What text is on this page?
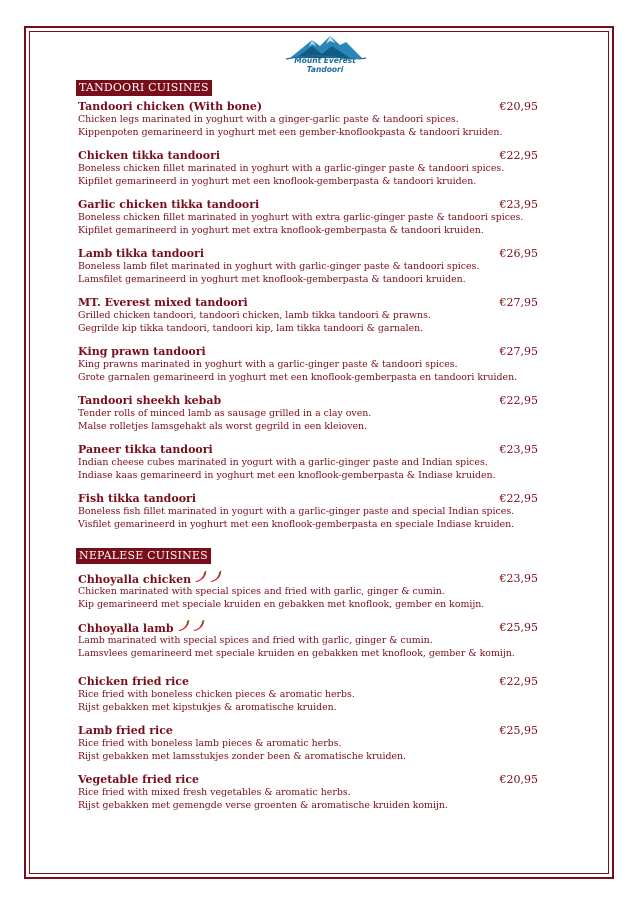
Mount Everest
Tandoori
TANDOORI CUISINES
Tandoori chicken (With bone)	€20,95
Chicken legs marinated in yoghurt with a ginger-garlic paste & tandoori spices.
Kippenpoten gemarineerd in yoghurt met een gember-knoflookpasta & tandoori kruiden.
Chicken tikka tandoori	€22,95
Boneless chicken fillet marinated in yoghurt with a garlic-ginger paste & tandoori spices.
Kipfilet gemarineerd in yoghurt met een knoflook-gemberpasta & tandoori kruiden.
Garlic chicken tikka tandoori	€23,95
Boneless chicken fillet marinated in yoghurt with extra garlic-ginger paste & tandoori spices.
Kipfilet gemarineerd in yoghurt met extra knoflook-gemberpasta & tandoori kruiden.
Lamb tikka tandoori	€26,95
Boneless lamb filet marinated in yoghurt with garlic-ginger paste & tandoori spices.
Lamsfilet gemarineerd in yoghurt met knoflook-gemberpasta & tandoori kruiden.
MT. Everest mixed tandoori	€27,95
Grilled chicken tandoori, tandoori chicken, lamb tikka tandoori & prawns.
Gegrilde kip tikka tandoori, tandoori kip, lam tikka tandoori & garnalen.
King prawn tandoori	€27,95
King prawns marinated in yoghurt with a garlic-ginger paste & tandoori spices.
Grote garnalen gemarineerd in yoghurt met een knoflook-gemberpasta en tandoori kruiden.
Tandoori sheekh kebab	€22,95
Tender rolls of minced lamb as sausage grilled in a clay oven.
Malse rolletjes lamsgehakt als worst gegrild in een kleioven.
Paneer tikka tandoori	€23,95
Indian cheese cubes marinated in yogurt with a garlic-ginger paste and Indian spices.
Indiase kaas gemarineerd in yoghurt met een knoflook-gemberpasta & Indiase kruiden.
Fish tikka tandoori	€22,95
Boneless fish fillet marinated in yogurt with a garlic-ginger paste and special Indian spices.
Visfilet gemarineerd in yoghurt met een knoflook-gemberpasta en speciale Indiase kruiden.
NEPALESE CUISINES
Chhoyalla chicken	€23,95
Chicken marinated with special spices and fried with garlic, ginger & cumin.
Kip gemarineerd met speciale kruiden en gebakken met knoflook, gember en komijn.
Chhoyalla lamb	€25,95
Lamb marinated with special spices and fried with garlic, ginger & cumin.
Lamsvlees gemarineerd met speciale kruiden en gebakken met knoflook, gember & komijn.
Chicken fried rice	€22,95
Rice fried with boneless chicken pieces & aromatic herbs.
Rijst gebakken met kipstukjes & aromatische kruiden.
Lamb fried rice	€25,95
Rice fried with boneless lamb pieces & aromatic herbs.
Rijst gebakken met lamsstukjes zonder been & aromatische kruiden.
Vegetable fried rice	€20,95
Rice fried with mixed fresh vegetables & aromatic herbs.
Rijst gebakken met gemengde verse groenten & aromatische kruiden komijn.
